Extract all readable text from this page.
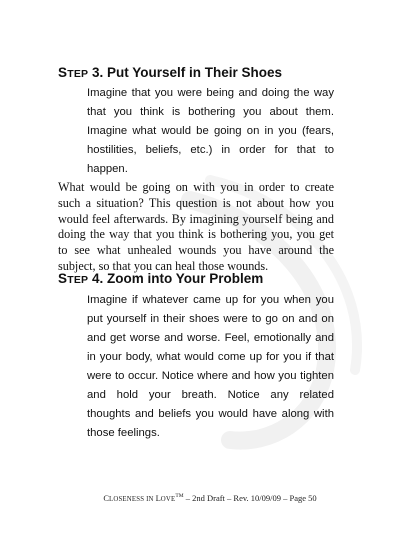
STEP 3. Put Yourself in Their Shoes

Imagine that you were being and doing the way that you think is bothering you about them. Imagine what would be going on in you (fears, hostilities, beliefs, etc.) in order for that to happen.

What would be going on with you in order to create such a situation? This question is not about how you would feel afterwards. By imagining yourself being and doing the way that you think is bothering you, you get to see what unhealed wounds you have around the subject, so that you can heal those wounds.

STEP 4. Zoom into Your Problem

Imagine if whatever came up for you when you put yourself in their shoes were to go on and on and get worse and worse. Feel, emotionally and in your body, what would come up for you if that were to occur. Notice where and how you tighten and hold your breath. Notice any related thoughts and beliefs you would have along with those feelings.

CLOSENESS IN LOVE™ – 2nd Draft – Rev. 10/09/09 – Page 50
